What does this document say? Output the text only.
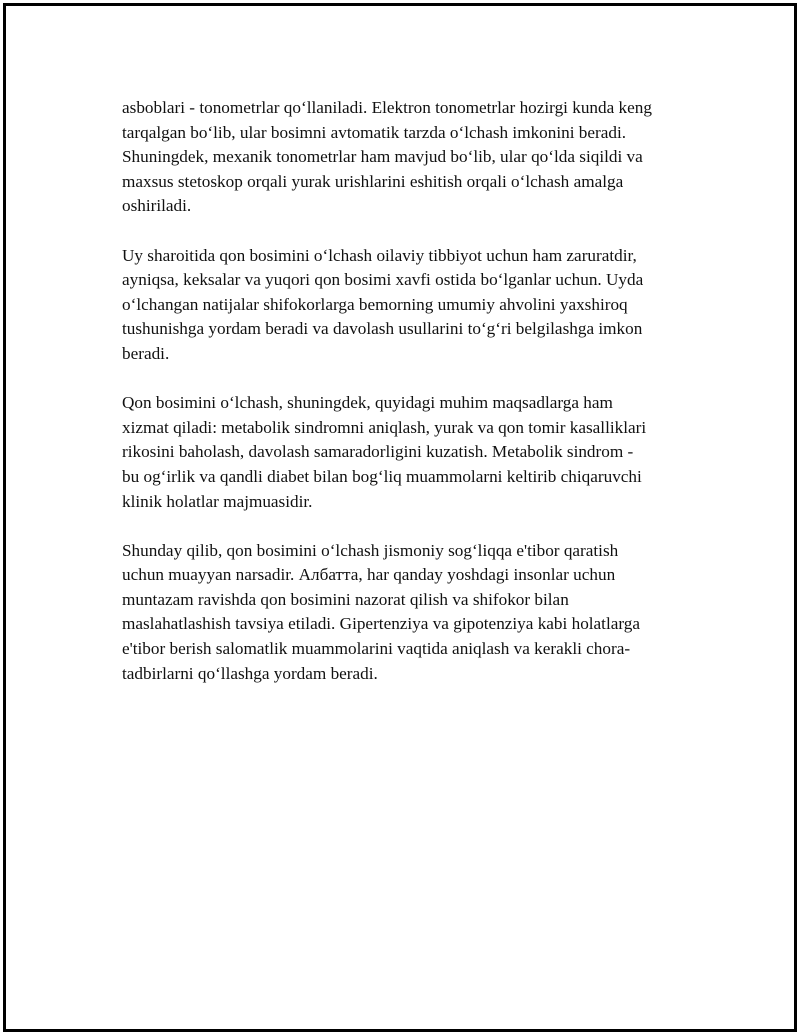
asboblari - tonometrlar qo‘llaniladi. Elektron tonometrlar hozirgi kunda keng
tarqalgan bo‘lib, ular bosimni avtomatik tarzda o‘lchash imkonini beradi.
Shuningdek, mexanik tonometrlar ham mavjud bo‘lib, ular qo‘lda siqildi va
maxsus stetoskop orqali yurak urishlarini eshitish orqali o‘lchash amalga
oshiriladi.

Uy sharoitida qon bosimini o‘lchash oilaviy tibbiyot uchun ham zaruratdir,
ayniqsa, keksalar va yuqori qon bosimi xavfi ostida bo‘lganlar uchun. Uyda
o‘lchangan natijalar shifokorlarga bemorning umumiy ahvolini yaxshiroq
tushunishga yordam beradi va davolash usullarini to‘g‘ri belgilashga imkon
beradi.

Qon bosimini o‘lchash, shuningdek, quyidagi muhim maqsadlarga ham
xizmat qiladi: metabolik sindromni aniqlash, yurak va qon tomir kasalliklari
rikosini baholash, davolash samaradorligini kuzatish. Metabolik sindrom -
bu og‘irlik va qandli diabet bilan bog‘liq muammolarni keltirib chiqaruvchi
klinik holatlar majmuasidir.

Shunday qilib, qon bosimini o‘lchash jismoniy sog‘liqqa e'tibor qaratish
uchun muayyan narsadir. Албатта, har qanday yoshdagi insonlar uchun
muntazam ravishda qon bosimini nazorat qilish va shifokor bilan
maslahatlashish tavsiya etiladi. Gipertenziya va gipotenziya kabi holatlarga
e'tibor berish salomatlik muammolarini vaqtida aniqlash va kerakli chora-
tadbirlarni qo‘llashga yordam beradi.
